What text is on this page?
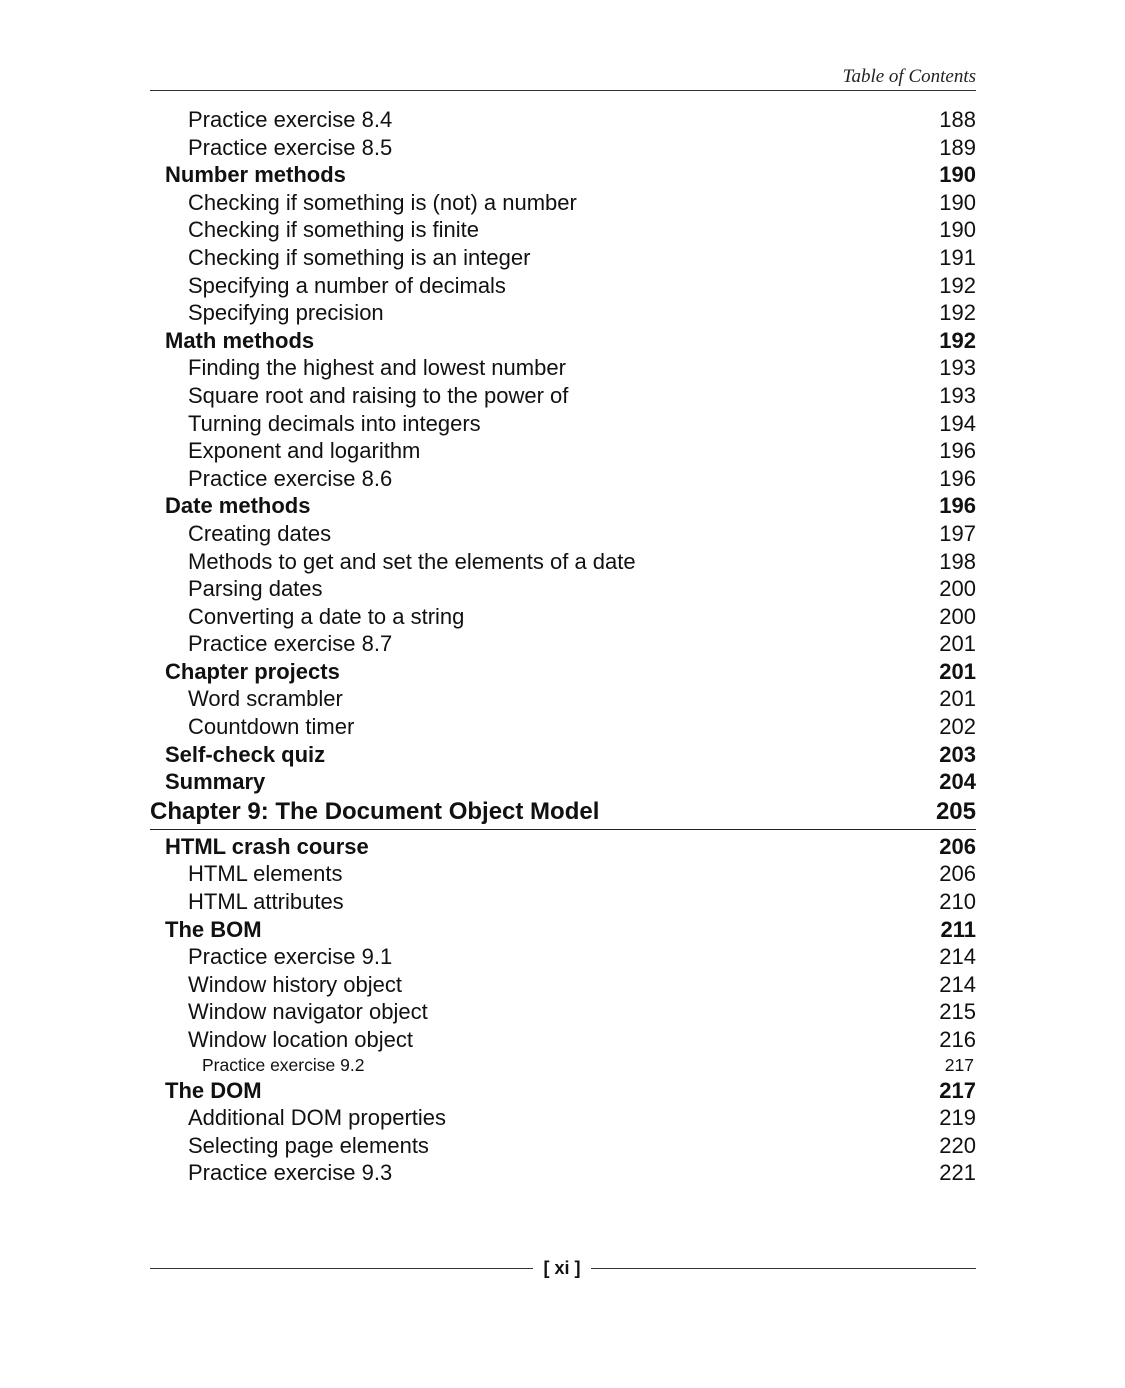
Table of Contents
Practice exercise 8.4	188
Practice exercise 8.5	189
Number methods	190
Checking if something is (not) a number	190
Checking if something is finite	190
Checking if something is an integer	191
Specifying a number of decimals	192
Specifying precision	192
Math methods	192
Finding the highest and lowest number	193
Square root and raising to the power of	193
Turning decimals into integers	194
Exponent and logarithm	196
Practice exercise 8.6	196
Date methods	196
Creating dates	197
Methods to get and set the elements of a date	198
Parsing dates	200
Converting a date to a string	200
Practice exercise 8.7	201
Chapter projects	201
Word scrambler	201
Countdown timer	202
Self-check quiz	203
Summary	204
Chapter 9: The Document Object Model	205
HTML crash course	206
HTML elements	206
HTML attributes	210
The BOM	211
Practice exercise 9.1	214
Window history object	214
Window navigator object	215
Window location object	216
Practice exercise 9.2	217
The DOM	217
Additional DOM properties	219
Selecting page elements	220
Practice exercise 9.3	221
[ xi ]
